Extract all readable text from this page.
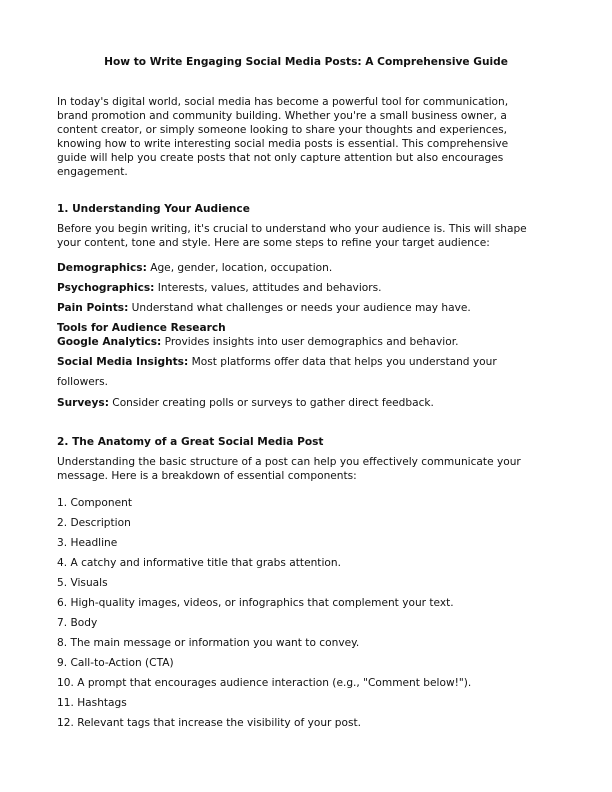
How to Write Engaging Social Media Posts: A Comprehensive Guide
In today's digital world, social media has become a powerful tool for communication,
brand promotion and community building. Whether you're a small business owner, a
content creator, or simply someone looking to share your thoughts and experiences,
knowing how to write interesting social media posts is essential. This comprehensive
guide will help you create posts that not only capture attention but also encourages
engagement.
1. Understanding Your Audience
Before you begin writing, it's crucial to understand who your audience is. This will shape
your content, tone and style. Here are some steps to refine your target audience:
Demographics: Age, gender, location, occupation.
Psychographics: Interests, values, attitudes and behaviors.
Pain Points: Understand what challenges or needs your audience may have.
Tools for Audience Research
Google Analytics: Provides insights into user demographics and behavior.
Social Media Insights: Most platforms offer data that helps you understand your
followers.
Surveys: Consider creating polls or surveys to gather direct feedback.
2. The Anatomy of a Great Social Media Post
Understanding the basic structure of a post can help you effectively communicate your
message. Here is a breakdown of essential components:
1. Component
2. Description
3. Headline
4. A catchy and informative title that grabs attention.
5. Visuals
6. High-quality images, videos, or infographics that complement your text.
7. Body
8. The main message or information you want to convey.
9. Call-to-Action (CTA)
10. A prompt that encourages audience interaction (e.g., "Comment below!").
11. Hashtags
12. Relevant tags that increase the visibility of your post.
